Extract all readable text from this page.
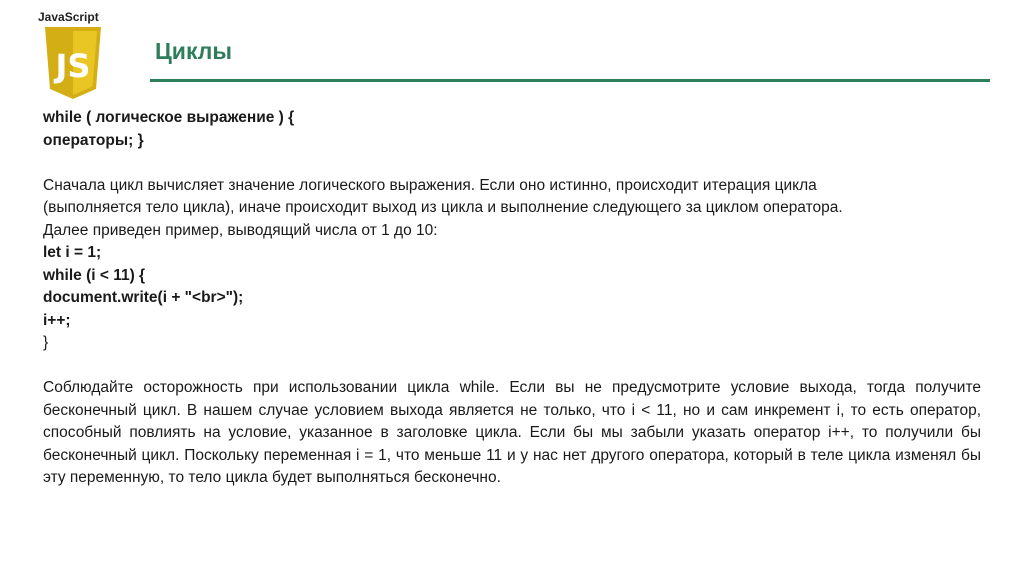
JavaScript
JS	Циклы
while ( логическое выражение ) {
операторы; }
Сначала цикл вычисляет значение логического выражения. Если оно истинно, происходит итерация цикла
(выполняется тело цикла), иначе происходит выход из цикла и выполнение следующего за циклом оператора.
Далее приведен пример, выводящий числа от 1 до 10:
let i = 1;
while (i < 11) {
document.write(i + "<br>");
i++;
}
Соблюдайте осторожность при использовании цикла while. Если вы не предусмотрите условие выхода, тогда получите бесконечный цикл. В нашем случае условием выхода является не только, что i < 11, но и сам инкремент i, то есть оператор, способный повлиять на условие, указанное в заголовке цикла. Если бы мы забыли указать оператор i++, то получили бы бесконечный цикл. Поскольку переменная i = 1, что меньше 11 и у нас нет другого оператора, который в теле цикла изменял бы эту переменную, то тело цикла будет выполняться бесконечно.
